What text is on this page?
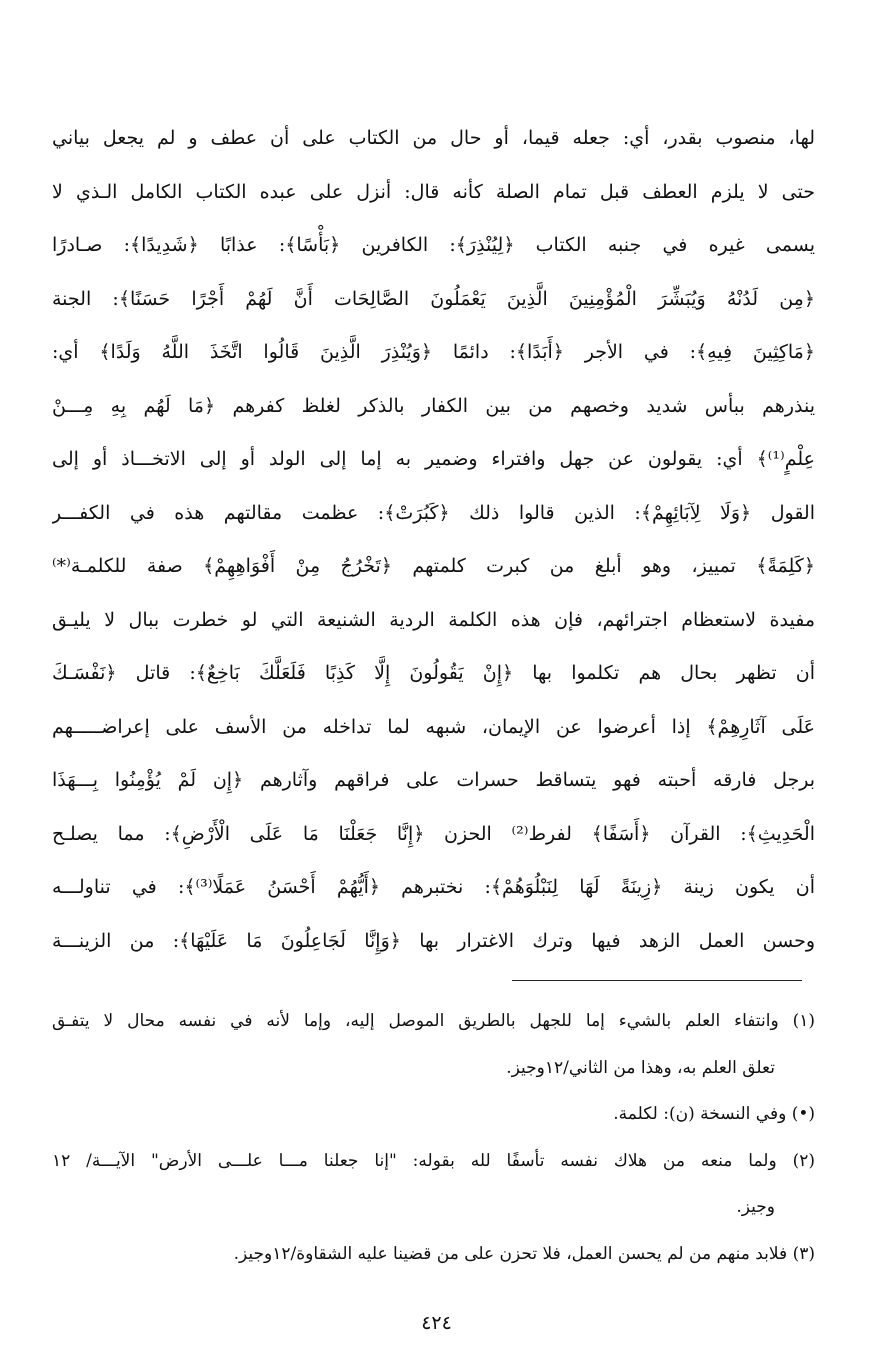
لها، منصوب بقدر، أي: جعله قيما، أو حال من الكتاب على أن عطف و لم يجعل بياني
حتى لا يلزم العطف قبل تمام الصلة كأنه قال: أنزل على عبده الكتاب الكامل الـذي لا
يسمى غيره في جنبه الكتاب ﴿لِيُنْذِرَ﴾: الكافرين ﴿بَأْسًا﴾: عذابًا ﴿شَدِيدًا﴾: صـادرًا
﴿مِن لَدُنْهُ وَيُبَشِّرَ الْمُؤْمِنِينَ الَّذِينَ يَعْمَلُونَ الصَّالِحَات أَنَّ لَهُمْ أَجْرًا حَسَنًا﴾: الجنة
﴿مَاكِثِينَ فِيهِ﴾: في الأجر ﴿أَبَدًا﴾: دائمًا ﴿وَيُنْذِرَ الَّذِينَ قَالُوا اتَّخَذَ اللَّهُ وَلَدًا﴾ أي:
ينذرهم ببأس شديد وخصهم من بين الكفار بالذكر لغلظ كفرهم ﴿مَا لَهُم بِهِ مِـــنْ
عِلْمٍ⁽¹⁾﴾ أي: يقولون عن جهل وافتراء وضمير به إما إلى الولد أو إلى الاتخـــاذ أو إلى
القول ﴿وَلَا لِآبَائِهِمْ﴾: الذين قالوا ذلك ﴿كَبُرَتْ﴾: عظمت مقالتهم هذه في الكفـــر
﴿كَلِمَةً﴾ تمييز، وهو أبلغ من كبرت كلمتهم ﴿تَخْرُجُ مِنْ أَفْوَاهِهِمْ﴾ صفة للكلمـة⁽*⁾
مفيدة لاستعظام اجترائهم، فإن هذه الكلمة الردية الشنيعة التي لو خطرت ببال لا يليـق
أن تظهر بحال هم تكلموا بها ﴿إِنْ يَقُولُونَ إِلَّا كَذِبًا فَلَعَلَّكَ بَاخِعٌ﴾: قاتل ﴿نَفْسَـكَ
عَلَى آثَارِهِمْ﴾ إذا أعرضوا عن الإيمان، شبهه لما تداخله من الأسف على إعراضـــــهم
برجل فارقه أحبته فهو يتساقط حسرات على فراقهم وآثارهم ﴿إِن لَمْ يُؤْمِنُوا بِـــهَذَا
الْحَدِيثِ﴾: القرآن ﴿أَسَفًا﴾ لفرط⁽²⁾ الحزن ﴿إِنَّا جَعَلْنَا مَا عَلَى الْأَرْضِ﴾: مما يصلـح
أن يكون زينة ﴿زِينَةً لَهَا لِنَبْلُوَهُمْ﴾: نختبرهم ﴿أَيُّهُمْ أَحْسَنُ عَمَلًا⁽³⁾﴾: في تناولـــه
وحسن العمل الزهد فيها وترك الاغترار بها ﴿وَإِنَّا لَجَاعِلُونَ مَا عَلَيْهَا﴾: من الزينـــة
(١) وانتفاء العلم بالشيء إما للجهل بالطريق الموصل إليه، وإما لأنه في نفسه محال لا يتفـق
تعلق العلم به، وهذا من الثاني/١٢وجيز.
(•) وفي النسخة (ن): لكلمة.
(٢) ولما منعه من هلاك نفسه تأسفًا لله بقوله: "إنا جعلنا مـــا علـــى الأرض" الآيـــة/ ١٢
وجيز.
(٣) فلابد منهم من لم يحسن العمل، فلا تحزن على من قضينا عليه الشقاوة/١٢وجيز.
٤٢٤
